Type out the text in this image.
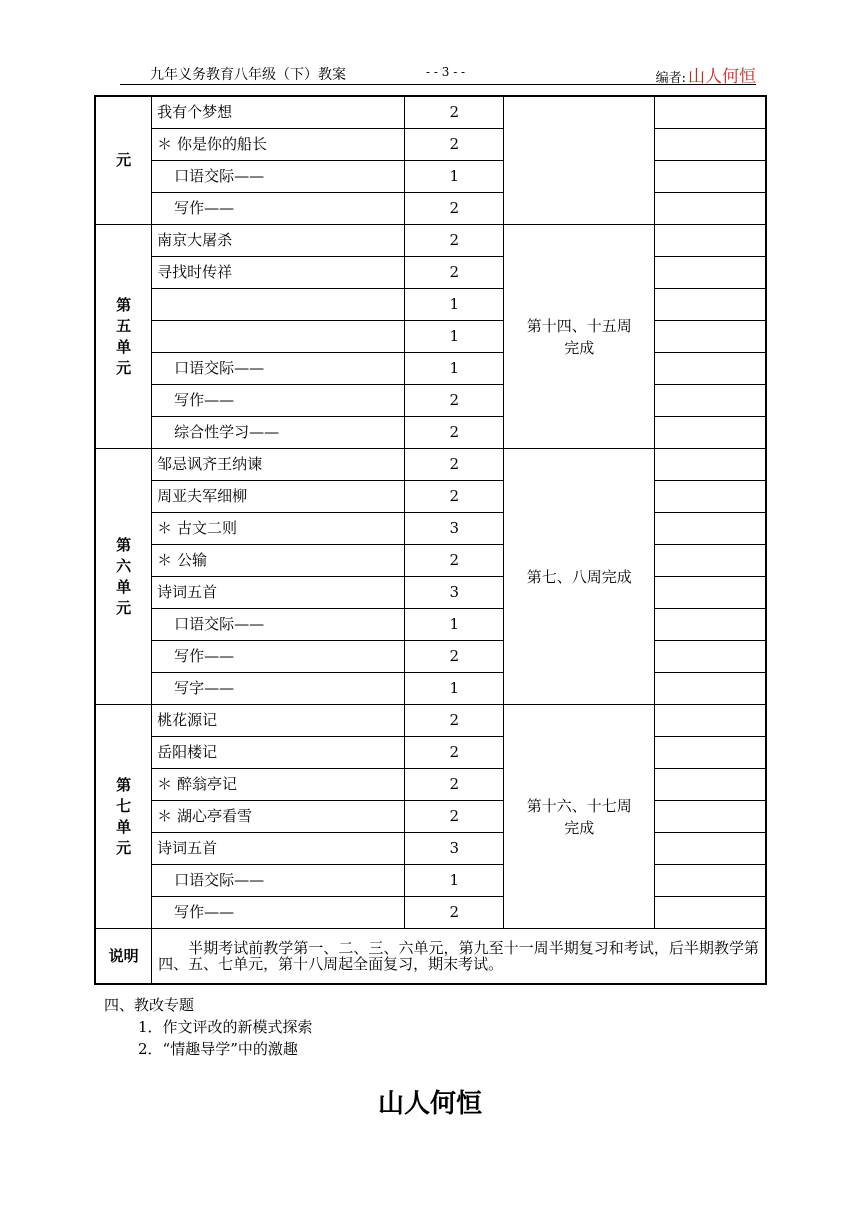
九年义务教育八年级（下）教案	- - 3 - -	编者: 山人何恒
元	我有个梦想	2	

	＊ 你是你的船长	2		
	口语交际——	1		
	写作——	2		

第
五
单
元	南京大屠杀	2	第十四、十五周完成	

	寻找时传祥	2		
		1		
		1		
	口语交际——	1		
	写作——	2		
	综合性学习——	2		

第
六
单
元	邹忌讽齐王纳谏	2	第七、八周完成	

	周亚夫军细柳	2		
	＊ 古文二则	3		
	＊ 公输	2		
	诗词五首	3		
	口语交际——	1		
	写作——	2		
	写字——	1		

第
七
单
元	桃花源记	2	第十六、十七周完成	

	岳阳楼记	2		
	＊ 醉翁亭记	2		
	＊ 湖心亭看雪	2		
	诗词五首	3		
	口语交际——	1		
	写作——	2		
说明	半期考试前教学第一、二、三、六单元，第九至十一周半期复习和考试，后半期教学第四、五、七单元，第十八周起全面复习，期末考试。			
四、教改专题
1．作文评改的新模式探索
2．“情趣导学”中的激趣
山人何恒
